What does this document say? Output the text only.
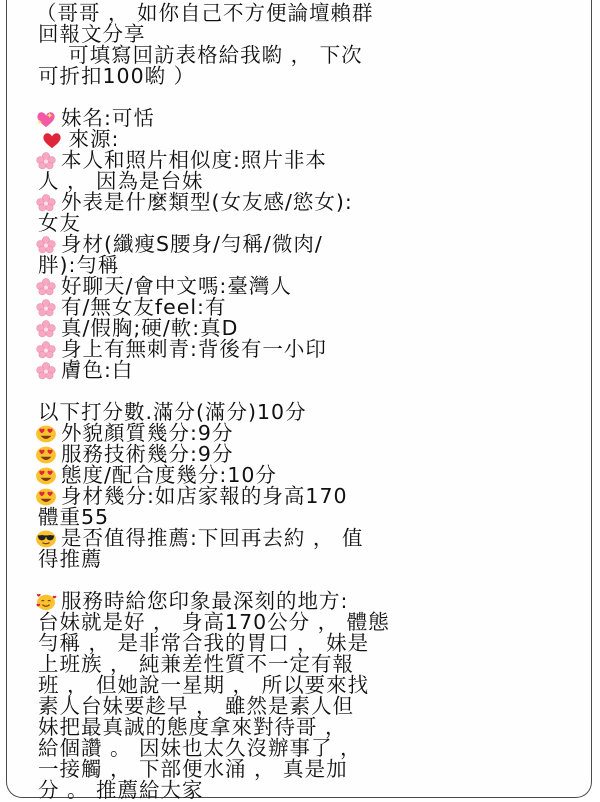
（哥哥 ， 如你自己不方便論壇賴群
回報文分享
可填寫回訪表格給我喲 ， 下次
可折扣100喲 ）
妹名:可恬
來源:
本人和照片相似度:照片非本
人 ， 因為是台妹
外表是什麼類型(女友感/慾女):
女友
身材(纖瘦S腰身/勻稱/微肉/
胖):勻稱
好聊天/會中文嗎:臺灣人
有/無女友feel:有
真/假胸;硬/軟:真D
身上有無刺青:背後有一小印
膚色:白
以下打分數.滿分(滿分)10分
外貌顏質幾分:9分
服務技術幾分:9分
態度/配合度幾分:10分
身材幾分:如店家報的身高170
體重55
是否值得推薦:下回再去約 ， 值
得推薦
服務時給您印象最深刻的地方:
台妹就是好 ， 身高170公分 ， 體態
勻稱 ， 是非常合我的胃口 ， 妹是
上班族 ， 純兼差性質不一定有報
班 ， 但她說一星期 ， 所以要來找
素人台妹要趁早 ， 雖然是素人但
妹把最真誠的態度拿來對待哥 ，
給個讚 。 因妹也太久沒辦事了 ，
一接觸 ， 下部便水涌 ， 真是加
分 。 推薦給大家
